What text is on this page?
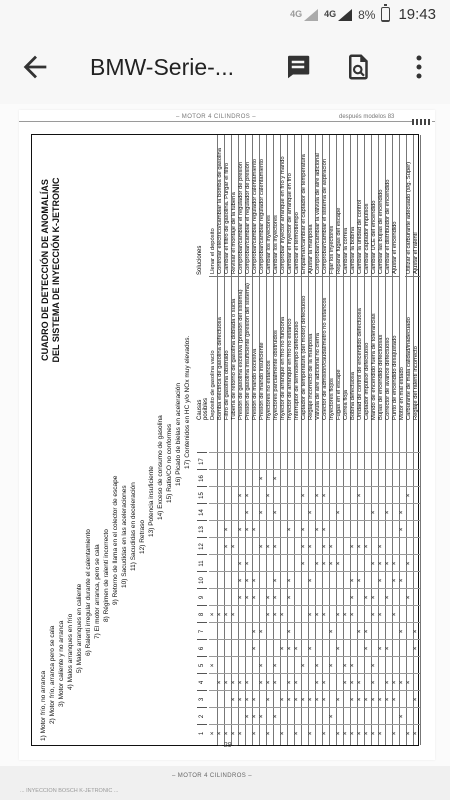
4G 4G 8% 19:43
BMW-Serie-...
– MOTOR 4 CILINDROS –	después modelos 83
CUADRO DE DETECCIÓN DE ANOMALÍAS DEL SISTEMA DE INYECCIÓN K-JETRONIC
1) Motor frío, no arranca 2) Motor frío, arranca pero se cala 3) Motor caliente y no arranca 4) Malos arranques en frío 5) Malos arranques en caliente 6) Ralentí irregular durante el calentamiento 7) El motor arranca, pero se cala 8) Régimen de ralentí incorrecto 9) Retorno de llama en el colector de escape 10) Sacudidas en las aceleraciones 11) Sacudidas en deceleración 12) Retraso
13) Potencia insuficiente 14) Exceso de consumo de gasolina 15) Ratio/CO no conformes 16) Picado de bielas en aceleración 17) Contenidos en HC y/o NOx muy elevados.
1
2
3
4
5
6
7
8
9
10
11
12
13
14
15
16
17
Causas posibles
Soluciones
×
×
×
Depósito de gasolina vacío
Llenar el depósito
×
×
×
Bomba eléctrica de gasolina defectuosa
Controlar eléctrico/cambiar la bomba de gasolina
×
×
×
×
×
Filtro de gasolina obstruido
Cambiar el filtro de gasolina. Purgar el filtro
×
×
×
×
×
Tubería de retorno de gasolina doblada o sucia
Revisar el montaje de la tubería
×
×
×
×
×
×
×
×
Presión de gasolina excesiva (presión del sistema)
Comprobar/cambiar el regulador de presión
×
×
×
×
×
×
×
×
×
Presión de gasolina insuficiente (presión del sistema)
Comprobar/cambiar el regulador de presión
×
×
×
×
×
×
×
×
Presión de mando excesiva
Comprobar/cambiar regulador calentamiento
×
×
×
×
×
×
×
Presión de mando insuficiente
Comprobar/cambiar regulador calentamiento
×
×
×
×
×
×
×
Inyectores no estancos
Cambiar los inyectores
×
×
×
×
×
×
×
×
×
Inyectores parcialmente obstruidos
Cambiar los inyectores
×
×
×
×
Inyector de arranque en frío no funciona
Comprobar inyector arranque en frío y mando
×
×
×
×
×
×
×
Inyector de arranque en frío no estanco
Cambiar el inyector de arranque en frío
×
×
×
×
Interruptor de termotiempo defectuoso
Cambiar el termotiempo
×
×
×
×
×
×
Captador de temperatura (del motor) defectuoso
Empalmar/cambiar el captador de temperatura
×
×
×
×
×
×
×
Reglaje incorrecto de la mariposa
Ajustar la mariposa
×
×
×
×
×
×
×
Válvula de aire adicional no cierra
Comprobar/cambiar la válvula de aire adicional
×
×
×
×
×
×
×
×
Colector de admisión/caudalímetro no estancos
Comprobar/cambiar el sistema de aspiración
×
×
×
×
×
Inyectores flojos
Fijar los inyectores
×
×
×
×
×
×
Fugas en el escape
Reparar fugas del escape
×
×
×
×
Correa floja
Cambiar la correa
×
×
×
×
×
×
×
×
Bobina defectuosa
Cambiar la bobina
×
×
×
×
×
×
×
Unidad de control de encendido defectuosa
Cambiar la unidad de control
×
×
×
×
×
×
Captador impulsor defectuoso
Cambiar captador impulsos
×
×
×
×
×
×
×
×
Mando de encendido fuera de tolerancias
Cambiar UCE del encendido
×
×
×
×
×
×
×
Bujías de encendido defectuosas
Cambiar las bujías de encendido
×
×
×
×
×
×
Corrector de avance defectuoso
Cambiar el distribuidor de encendido
×
×
×
×
×
×
Punto de encendido desajustado
Ajustar el encendido
×
×
×
×
×
×
Motor en mal estado
×
×
×
×
×
Carburante de mala calidad/inadecuado
Utilizar el carburante adecuado (s/g. Súper)
×
×
×
×
Reglaje del ralentí incorrecto
Ajustar el ralentí
– 29 –
– MOTOR 4 CILINDROS –
... INYECCIÓN BOSCH K-JETRONIC ...
